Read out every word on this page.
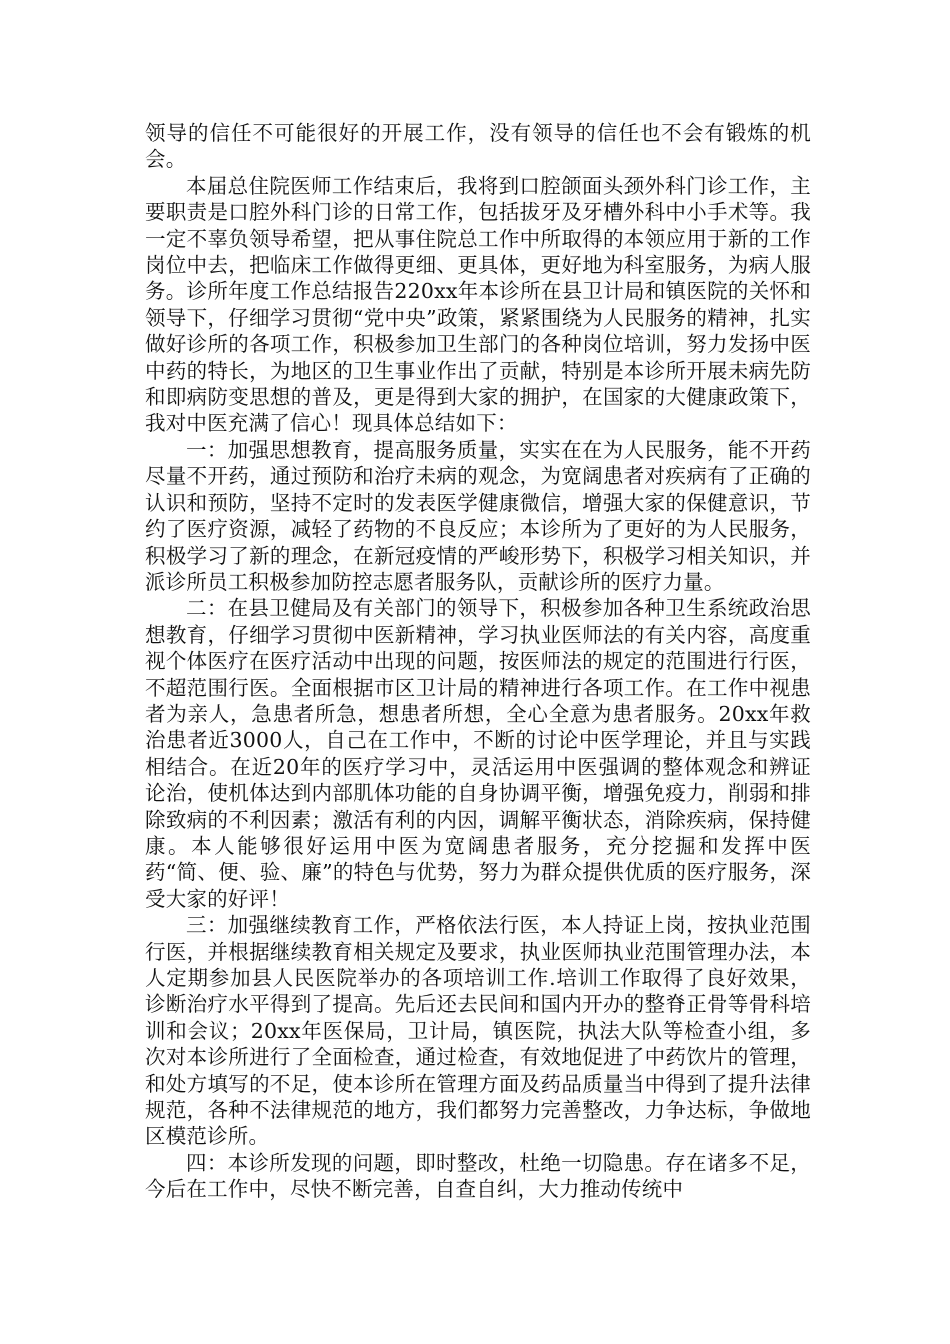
领导的信任不可能很好的开展工作，没有领导的信任也不会有锻炼的机会。

本届总住院医师工作结束后，我将到口腔颌面头颈外科门诊工作，主要职责是口腔外科门诊的日常工作，包括拔牙及牙槽外科中小手术等。我一定不辜负领导希望，把从事住院总工作中所取得的本领应用于新的工作岗位中去，把临床工作做得更细、更具体，更好地为科室服务，为病人服务。诊所年度工作总结报告220xx年本诊所在县卫计局和镇医院的关怀和领导下，仔细学习贯彻“党中央”政策，紧紧围绕为人民服务的精神，扎实做好诊所的各项工作，积极参加卫生部门的各种岗位培训，努力发扬中医中药的特长，为地区的卫生事业作出了贡献，特别是本诊所开展未病先防和即病防变思想的普及，更是得到大家的拥护，在国家的大健康政策下，我对中医充满了信心！现具体总结如下：

一：加强思想教育，提高服务质量，实实在在为人民服务，能不开药尽量不开药，通过预防和治疗未病的观念，为宽阔患者对疾病有了正确的认识和预防，坚持不定时的发表医学健康微信，增强大家的保健意识，节约了医疗资源，减轻了药物的不良反应；本诊所为了更好的为人民服务，积极学习了新的理念，在新冠疫情的严峻形势下，积极学习相关知识，并派诊所员工积极参加防控志愿者服务队，贡献诊所的医疗力量。

二：在县卫健局及有关部门的领导下，积极参加各种卫生系统政治思想教育，仔细学习贯彻中医新精神，学习执业医师法的有关内容，高度重视个体医疗在医疗活动中出现的问题，按医师法的规定的范围进行行医，不超范围行医。全面根据市区卫计局的精神进行各项工作。在工作中视患者为亲人，急患者所急，想患者所想，全心全意为患者服务。20xx年救治患者近3000人，自己在工作中，不断的讨论中医学理论，并且与实践相结合。在近20年的医疗学习中，灵活运用中医强调的整体观念和辨证论治，使机体达到内部肌体功能的自身协调平衡，增强免疫力，削弱和排除致病的不利因素；激活有利的内因，调解平衡状态，消除疾病，保持健康。本人能够很好运用中医为宽阔患者服务，充分挖掘和发挥中医药“简、便、验、廉”的特色与优势，努力为群众提供优质的医疗服务，深受大家的好评！

三：加强继续教育工作，严格依法行医，本人持证上岗，按执业范围行医，并根据继续教育相关规定及要求，执业医师执业范围管理办法，本人定期参加县人民医院举办的各项培训工作.培训工作取得了良好效果，诊断治疗水平得到了提高。先后还去民间和国内开办的整脊正骨等骨科培训和会议；20xx年医保局，卫计局，镇医院，执法大队等检查小组，多次对本诊所进行了全面检查，通过检查，有效地促进了中药饮片的管理，和处方填写的不足，使本诊所在管理方面及药品质量当中得到了提升法律规范，各种不法律规范的地方，我们都努力完善整改，力争达标，争做地区模范诊所。

四：本诊所发现的问题，即时整改，杜绝一切隐患。存在诸多不足，今后在工作中，尽快不断完善，自查自纠，大力推动传统中
